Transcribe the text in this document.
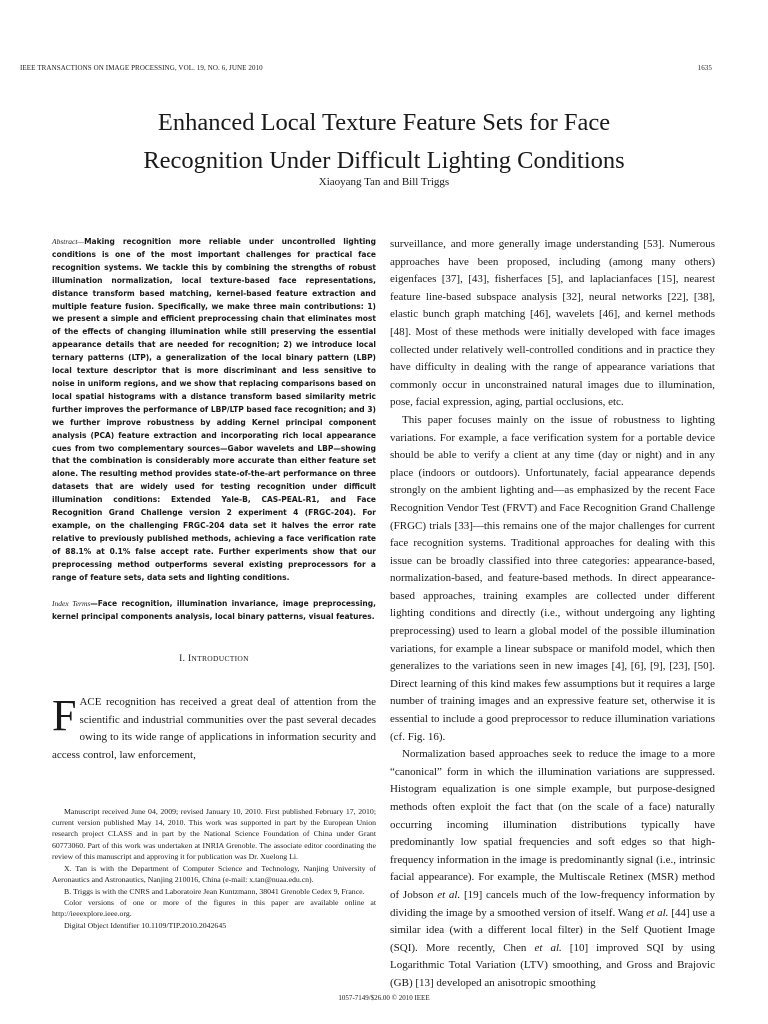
IEEE TRANSACTIONS ON IMAGE PROCESSING, VOL. 19, NO. 6, JUNE 2010	1635
Enhanced Local Texture Feature Sets for Face
Recognition Under Difficult Lighting Conditions
Xiaoyang Tan and Bill Triggs

Abstract—Making recognition more reliable under uncontrolled lighting conditions is one of the most important challenges for practical face recognition systems. We tackle this by combining the strengths of robust illumination normalization, local texture-based face representations, distance transform based matching, kernel-based feature extraction and multiple feature fusion. Specifically, we make three main contributions: 1) we present a simple and efficient preprocessing chain that eliminates most of the effects of changing illumination while still preserving the essential appearance details that are needed for recognition; 2) we introduce local ternary patterns (LTP), a generalization of the local binary pattern (LBP) local texture descriptor that is more discriminant and less sensitive to noise in uniform regions, and we show that replacing comparisons based on local spatial histograms with a distance transform based similarity metric further improves the performance of LBP/LTP based face recognition; and 3) we further improve robustness by adding Kernel principal component analysis (PCA) feature extraction and incorporating rich local appearance cues from two complementary sources—Gabor wavelets and LBP—showing that the combination is considerably more accurate than either feature set alone. The resulting method provides state-of-the-art performance on three datasets that are widely used for testing recognition under difficult illumination conditions: Extended Yale-B, CAS-PEAL-R1, and Face Recognition Grand Challenge version 2 experiment 4 (FRGC-204). For example, on the challenging FRGC-204 data set it halves the error rate relative to previously published methods, achieving a face verification rate of 88.1% at 0.1% false accept rate. Further experiments show that our preprocessing method outperforms several existing preprocessors for a range of feature sets, data sets and lighting conditions.

Index Terms—Face recognition, illumination invariance, image preprocessing, kernel principal components analysis, local binary patterns, visual features.

I. INTRODUCTION

FACE recognition has received a great deal of attention from the scientific and industrial communities over the past several decades owing to its wide range of applications in information security and access control, law enforcement,

Manuscript received June 04, 2009; revised January 10, 2010. First published February 17, 2010; current version published May 14, 2010. This work was supported in part by the European Union research project CLASS and in part by the National Science Foundation of China under Grant 60773060. Part of this work was undertaken at INRIA Grenoble. The associate editor coordinating the review of this manuscript and approving it for publication was Dr. Xuelong Li.

X. Tan is with the Department of Computer Science and Technology, Nanjing University of Aeronautics and Astronautics, Nanjing 210016, China (e-mail: x.tan@nuaa.edu.cn).

B. Triggs is with the CNRS and Laboratoire Jean Kuntzmann, 38041 Grenoble Cedex 9, France.

Color versions of one or more of the figures in this paper are available online at http://ieeexplore.ieee.org.

Digital Object Identifier 10.1109/TIP.2010.2042645

surveillance, and more generally image understanding [53]. Numerous approaches have been proposed, including (among many others) eigenfaces [37], [43], fisherfaces [5], and laplacianfaces [15], nearest feature line-based subspace analysis [32], neural networks [22], [38], elastic bunch graph matching [46], wavelets [46], and kernel methods [48]. Most of these methods were initially developed with face images collected under relatively well-controlled conditions and in practice they have difficulty in dealing with the range of appearance variations that commonly occur in unconstrained natural images due to illumination, pose, facial expression, aging, partial occlusions, etc.

This paper focuses mainly on the issue of robustness to lighting variations. For example, a face verification system for a portable device should be able to verify a client at any time (day or night) and in any place (indoors or outdoors). Unfortunately, facial appearance depends strongly on the ambient lighting and—as emphasized by the recent Face Recognition Vendor Test (FRVT) and Face Recognition Grand Challenge (FRGC) trials [33]—this remains one of the major challenges for current face recognition systems. Traditional approaches for dealing with this issue can be broadly classified into three categories: appearance-based, normalization-based, and feature-based methods. In direct appearance-based approaches, training examples are collected under different lighting conditions and directly (i.e., without undergoing any lighting preprocessing) used to learn a global model of the possible illumination variations, for example a linear subspace or manifold model, which then generalizes to the variations seen in new images [4], [6], [9], [23], [50]. Direct learning of this kind makes few assumptions but it requires a large number of training images and an expressive feature set, otherwise it is essential to include a good preprocessor to reduce illumination variations (cf. Fig. 16).

Normalization based approaches seek to reduce the image to a more “canonical” form in which the illumination variations are suppressed. Histogram equalization is one simple example, but purpose-designed methods often exploit the fact that (on the scale of a face) naturally occurring incoming illumination distributions typically have predominantly low spatial frequencies and soft edges so that high-frequency information in the image is predominantly signal (i.e., intrinsic facial appearance). For example, the Multiscale Retinex (MSR) method of Jobson et al. [19] cancels much of the low-frequency information by dividing the image by a smoothed version of itself. Wang et al. [44] use a similar idea (with a different local filter) in the Self Quotient Image (SQI). More recently, Chen et al. [10] improved SQI by using Logarithmic Total Variation (LTV) smoothing, and Gross and Brajovic (GB) [13] developed an anisotropic smoothing

1057-7149/$26.00 © 2010 IEEE
